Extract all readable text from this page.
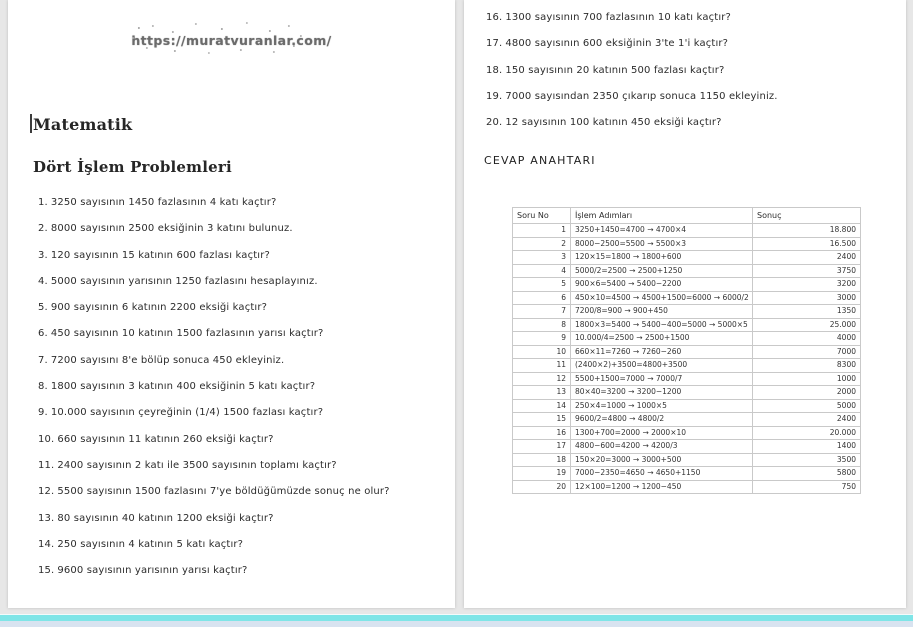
https://muratvuranlar.com/
Matematik
Dört İşlem Problemleri
1. 3250 sayısının 1450 fazlasının 4 katı kaçtır?
2. 8000 sayısının 2500 eksiğinin 3 katını bulunuz.
3. 120 sayısının 15 katının 600 fazlası kaçtır?
4. 5000 sayısının yarısının 1250 fazlasını hesaplayınız.
5. 900 sayısının 6 katının 2200 eksiği kaçtır?
6. 450 sayısının 10 katının 1500 fazlasının yarısı kaçtır?
7. 7200 sayısını 8'e bölüp sonuca 450 ekleyiniz.
8. 1800 sayısının 3 katının 400 eksiğinin 5 katı kaçtır?
9. 10.000 sayısının çeyreğinin (1/4) 1500 fazlası kaçtır?
10. 660 sayısının 11 katının 260 eksiği kaçtır?
11. 2400 sayısının 2 katı ile 3500 sayısının toplamı kaçtır?
12. 5500 sayısının 1500 fazlasını 7'ye böldüğümüzde sonuç ne olur?
13. 80 sayısının 40 katının 1200 eksiği kaçtır?
14. 250 sayısının 4 katının 5 katı kaçtır?
15. 9600 sayısının yarısının yarısı kaçtır?
16. 1300 sayısının 700 fazlasının 10 katı kaçtır?
17. 4800 sayısının 600 eksiğinin 3'te 1'i kaçtır?
18. 150 sayısının 20 katının 500 fazlası kaçtır?
19. 7000 sayısından 2350 çıkarıp sonuca 1150 ekleyiniz.
20. 12 sayısının 100 katının 450 eksiği kaçtır?
CEVAP ANAHTARI
Soru No	İşlem Adımları	Sonuç
1	3250+1450=4700 → 4700×4	18.800
2	8000−2500=5500 → 5500×3	16.500
3	120×15=1800 → 1800+600	2400
4	5000/2=2500 → 2500+1250	3750
5	900×6=5400 → 5400−2200	3200
6	450×10=4500 → 4500+1500=6000 → 6000/2	3000
7	7200/8=900 → 900+450	1350
8	1800×3=5400 → 5400−400=5000 → 5000×5	25.000
9	10.000/4=2500 → 2500+1500	4000
10	660×11=7260 → 7260−260	7000
11	(2400×2)+3500=4800+3500	8300
12	5500+1500=7000 → 7000/7	1000
13	80×40=3200 → 3200−1200	2000
14	250×4=1000 → 1000×5	5000
15	9600/2=4800 → 4800/2	2400
16	1300+700=2000 → 2000×10	20.000
17	4800−600=4200 → 4200/3	1400
18	150×20=3000 → 3000+500	3500
19	7000−2350=4650 → 4650+1150	5800
20	12×100=1200 → 1200−450	750
